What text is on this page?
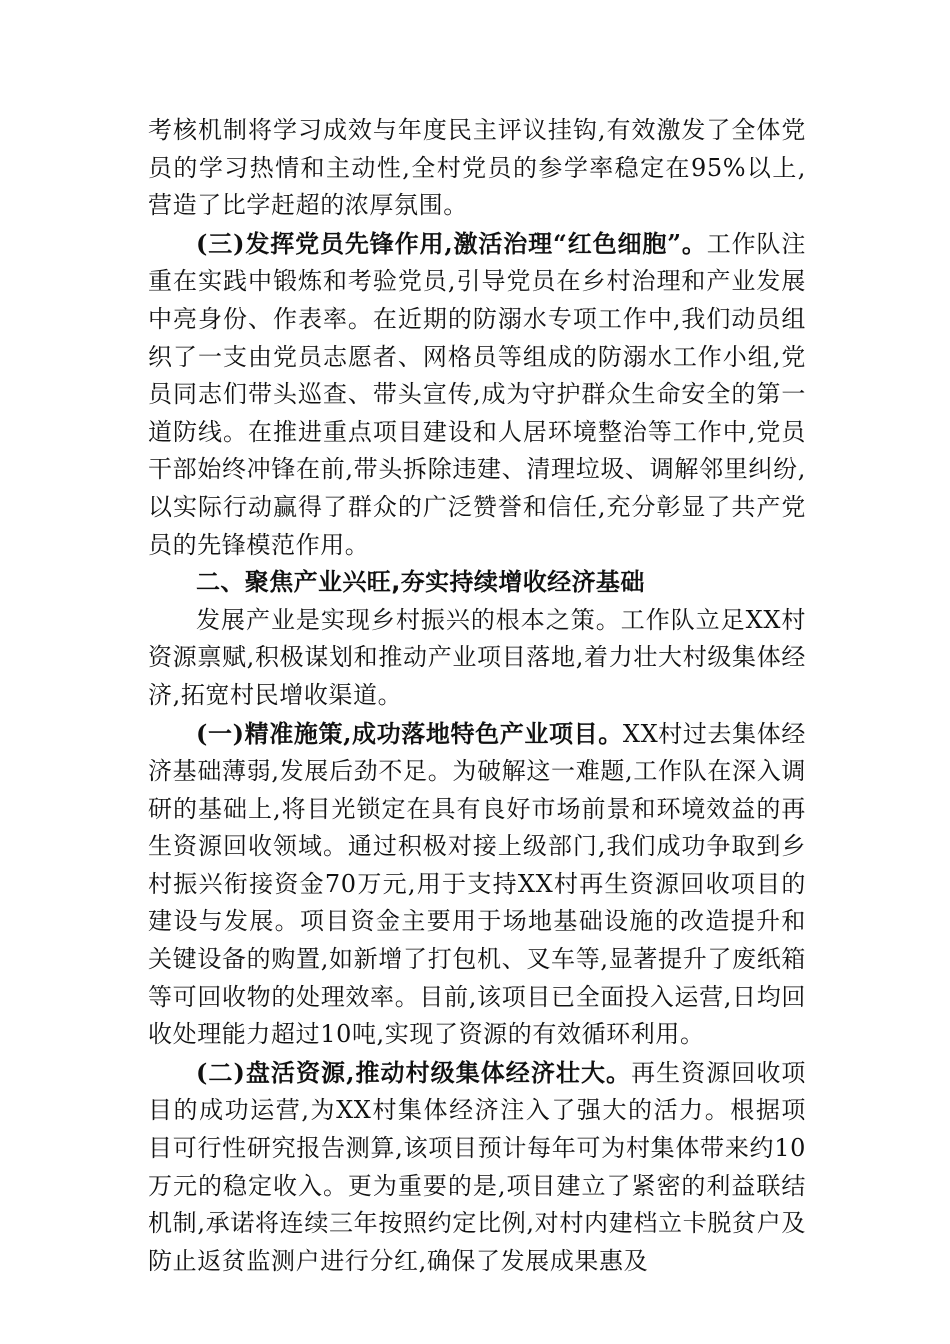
考核机制将学习成效与年度民主评议挂钩,有效激发了全体党员的学习热情和主动性,全村党员的参学率稳定在95%以上,营造了比学赶超的浓厚氛围。

(三)发挥党员先锋作用,激活治理“红色细胞”。工作队注重在实践中锻炼和考验党员,引导党员在乡村治理和产业发展中亮身份、作表率。在近期的防溺水专项工作中,我们动员组织了一支由党员志愿者、网格员等组成的防溺水工作小组,党员同志们带头巡查、带头宣传,成为守护群众生命安全的第一道防线。在推进重点项目建设和人居环境整治等工作中,党员干部始终冲锋在前,带头拆除违建、清理垃圾、调解邻里纠纷,以实际行动赢得了群众的广泛赞誉和信任,充分彰显了共产党员的先锋模范作用。

二、聚焦产业兴旺,夯实持续增收经济基础

发展产业是实现乡村振兴的根本之策。工作队立足XX村资源禀赋,积极谋划和推动产业项目落地,着力壮大村级集体经济,拓宽村民增收渠道。

(一)精准施策,成功落地特色产业项目。XX村过去集体经济基础薄弱,发展后劲不足。为破解这一难题,工作队在深入调研的基础上,将目光锁定在具有良好市场前景和环境效益的再生资源回收领域。通过积极对接上级部门,我们成功争取到乡村振兴衔接资金70万元,用于支持XX村再生资源回收项目的建设与发展。项目资金主要用于场地基础设施的改造提升和关键设备的购置,如新增了打包机、叉车等,显著提升了废纸箱等可回收物的处理效率。目前,该项目已全面投入运营,日均回收处理能力超过10吨,实现了资源的有效循环利用。

(二)盘活资源,推动村级集体经济壮大。再生资源回收项目的成功运营,为XX村集体经济注入了强大的活力。根据项目可行性研究报告测算,该项目预计每年可为村集体带来约10万元的稳定收入。更为重要的是,项目建立了紧密的利益联结机制,承诺将连续三年按照约定比例,对村内建档立卡脱贫户及防止返贫监测户进行分红,确保了发展成果惠及
